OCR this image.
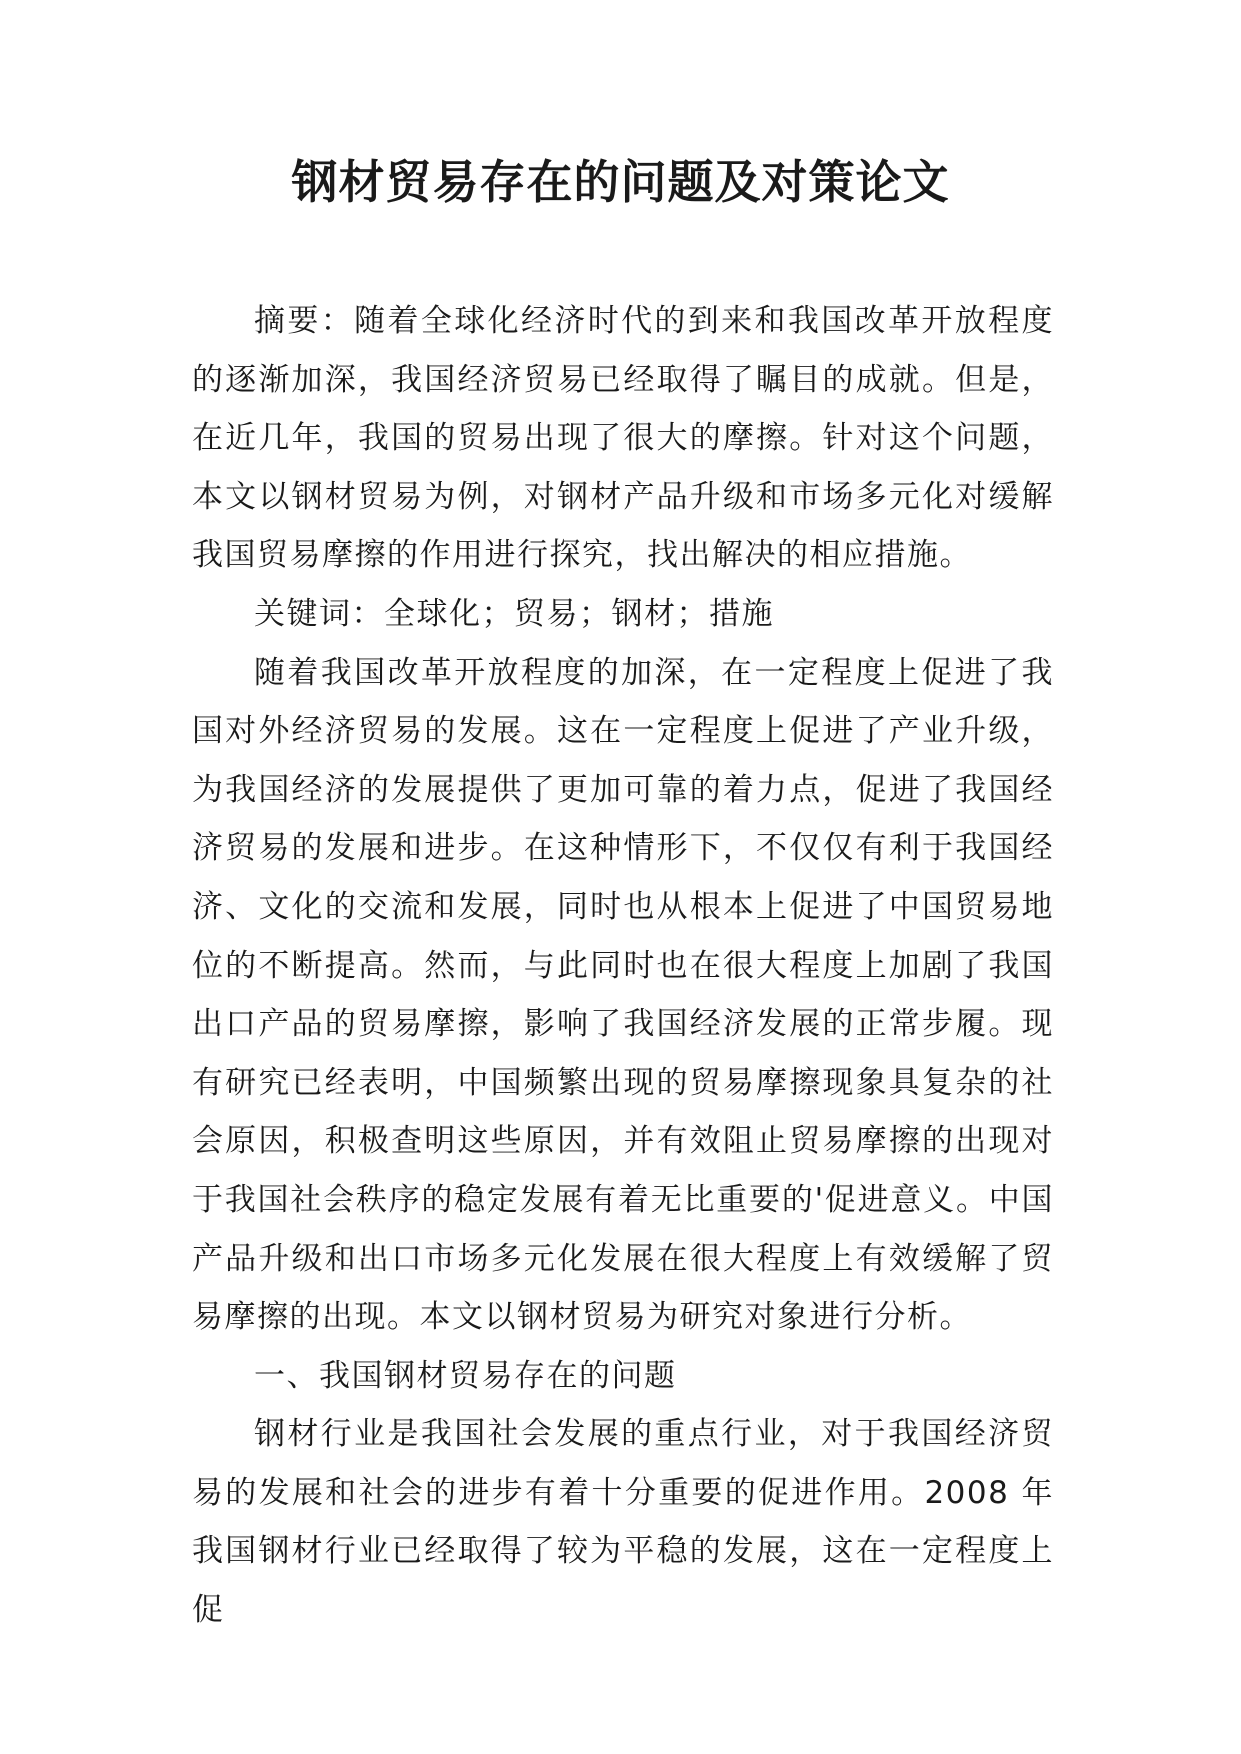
钢材贸易存在的问题及对策论文

摘要：随着全球化经济时代的到来和我国改革开放程度的逐渐加深，我国经济贸易已经取得了瞩目的成就。但是，在近几年，我国的贸易出现了很大的摩擦。针对这个问题，本文以钢材贸易为例，对钢材产品升级和市场多元化对缓解我国贸易摩擦的作用进行探究，找出解决的相应措施。

关键词：全球化；贸易；钢材；措施

随着我国改革开放程度的加深，在一定程度上促进了我国对外经济贸易的发展。这在一定程度上促进了产业升级，为我国经济的发展提供了更加可靠的着力点，促进了我国经济贸易的发展和进步。在这种情形下，不仅仅有利于我国经济、文化的交流和发展，同时也从根本上促进了中国贸易地位的不断提高。然而，与此同时也在很大程度上加剧了我国出口产品的贸易摩擦，影响了我国经济发展的正常步履。现有研究已经表明，中国频繁出现的贸易摩擦现象具复杂的社会原因，积极查明这些原因，并有效阻止贸易摩擦的出现对于我国社会秩序的稳定发展有着无比重要的'促进意义。中国产品升级和出口市场多元化发展在很大程度上有效缓解了贸易摩擦的出现。本文以钢材贸易为研究对象进行分析。

一、我国钢材贸易存在的问题

钢材行业是我国社会发展的重点行业，对于我国经济贸易的发展和社会的进步有着十分重要的促进作用。2008 年我国钢材行业已经取得了较为平稳的发展，这在一定程度上促
